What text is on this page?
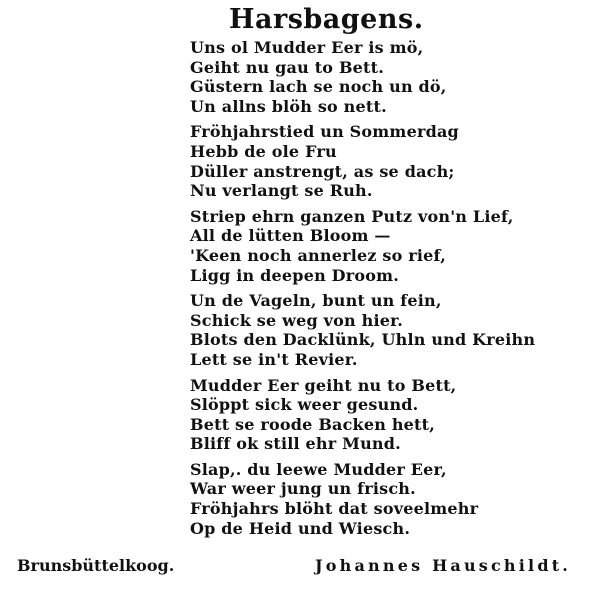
Harsbagens.
Uns ol Mudder Eer is mö,
Geiht nu gau to Bett.
Güstern lach se noch un dö,
Un allns blöh so nett.
Fröhjahrstied un Sommerdag
Hebb de ole Fru
Düller anstrengt, as se dach;
Nu verlangt se Ruh.
Striep ehrn ganzen Putz von'n Lief,
All de lütten Bloom —
'Keen noch annerlez so rief,
Ligg in deepen Droom.
Un de Vageln, bunt un fein,
Schick se weg von hier.
Blots den Dacklünk, Uhln und Kreihn
Lett se in't Revier.
Mudder Eer geiht nu to Bett,
Slöppt sick weer gesund.
Bett se roode Backen hett,
Bliff ok still ehr Mund.
Slap,. du leewe Mudder Eer,
War weer jung un frisch.
Fröhjahrs blöht dat soveelmehr
Op de Heid und Wiesch.
Brunsbüttelkoog.	Johannes Hauschildt.
